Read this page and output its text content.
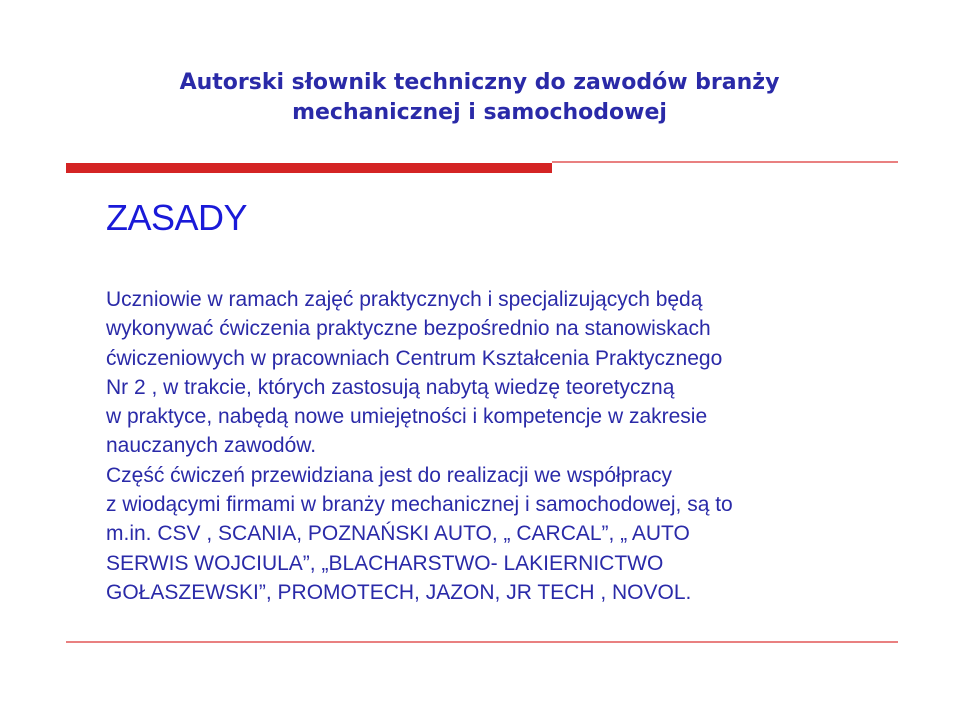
Autorski słownik techniczny do zawodów branży
mechanicznej i samochodowej
ZASADY
Uczniowie w ramach zajęć praktycznych i specjalizujących będą
wykonywać ćwiczenia praktyczne bezpośrednio na stanowiskach
ćwiczeniowych w pracowniach Centrum Kształcenia Praktycznego
Nr 2 , w trakcie, których zastosują nabytą wiedzę teoretyczną
w praktyce, nabędą nowe umiejętności i kompetencje w zakresie
nauczanych zawodów.
Część ćwiczeń przewidziana jest do realizacji we współpracy
z wiodącymi firmami w branży mechanicznej i samochodowej, są to
m.in. CSV , SCANIA, POZNAŃSKI AUTO, „ CARCAL”, „ AUTO
SERWIS WOJCIULA”, „BLACHARSTWO- LAKIERNICTWO
GOŁASZEWSKI”, PROMOTECH, JAZON, JR TECH , NOVOL.
